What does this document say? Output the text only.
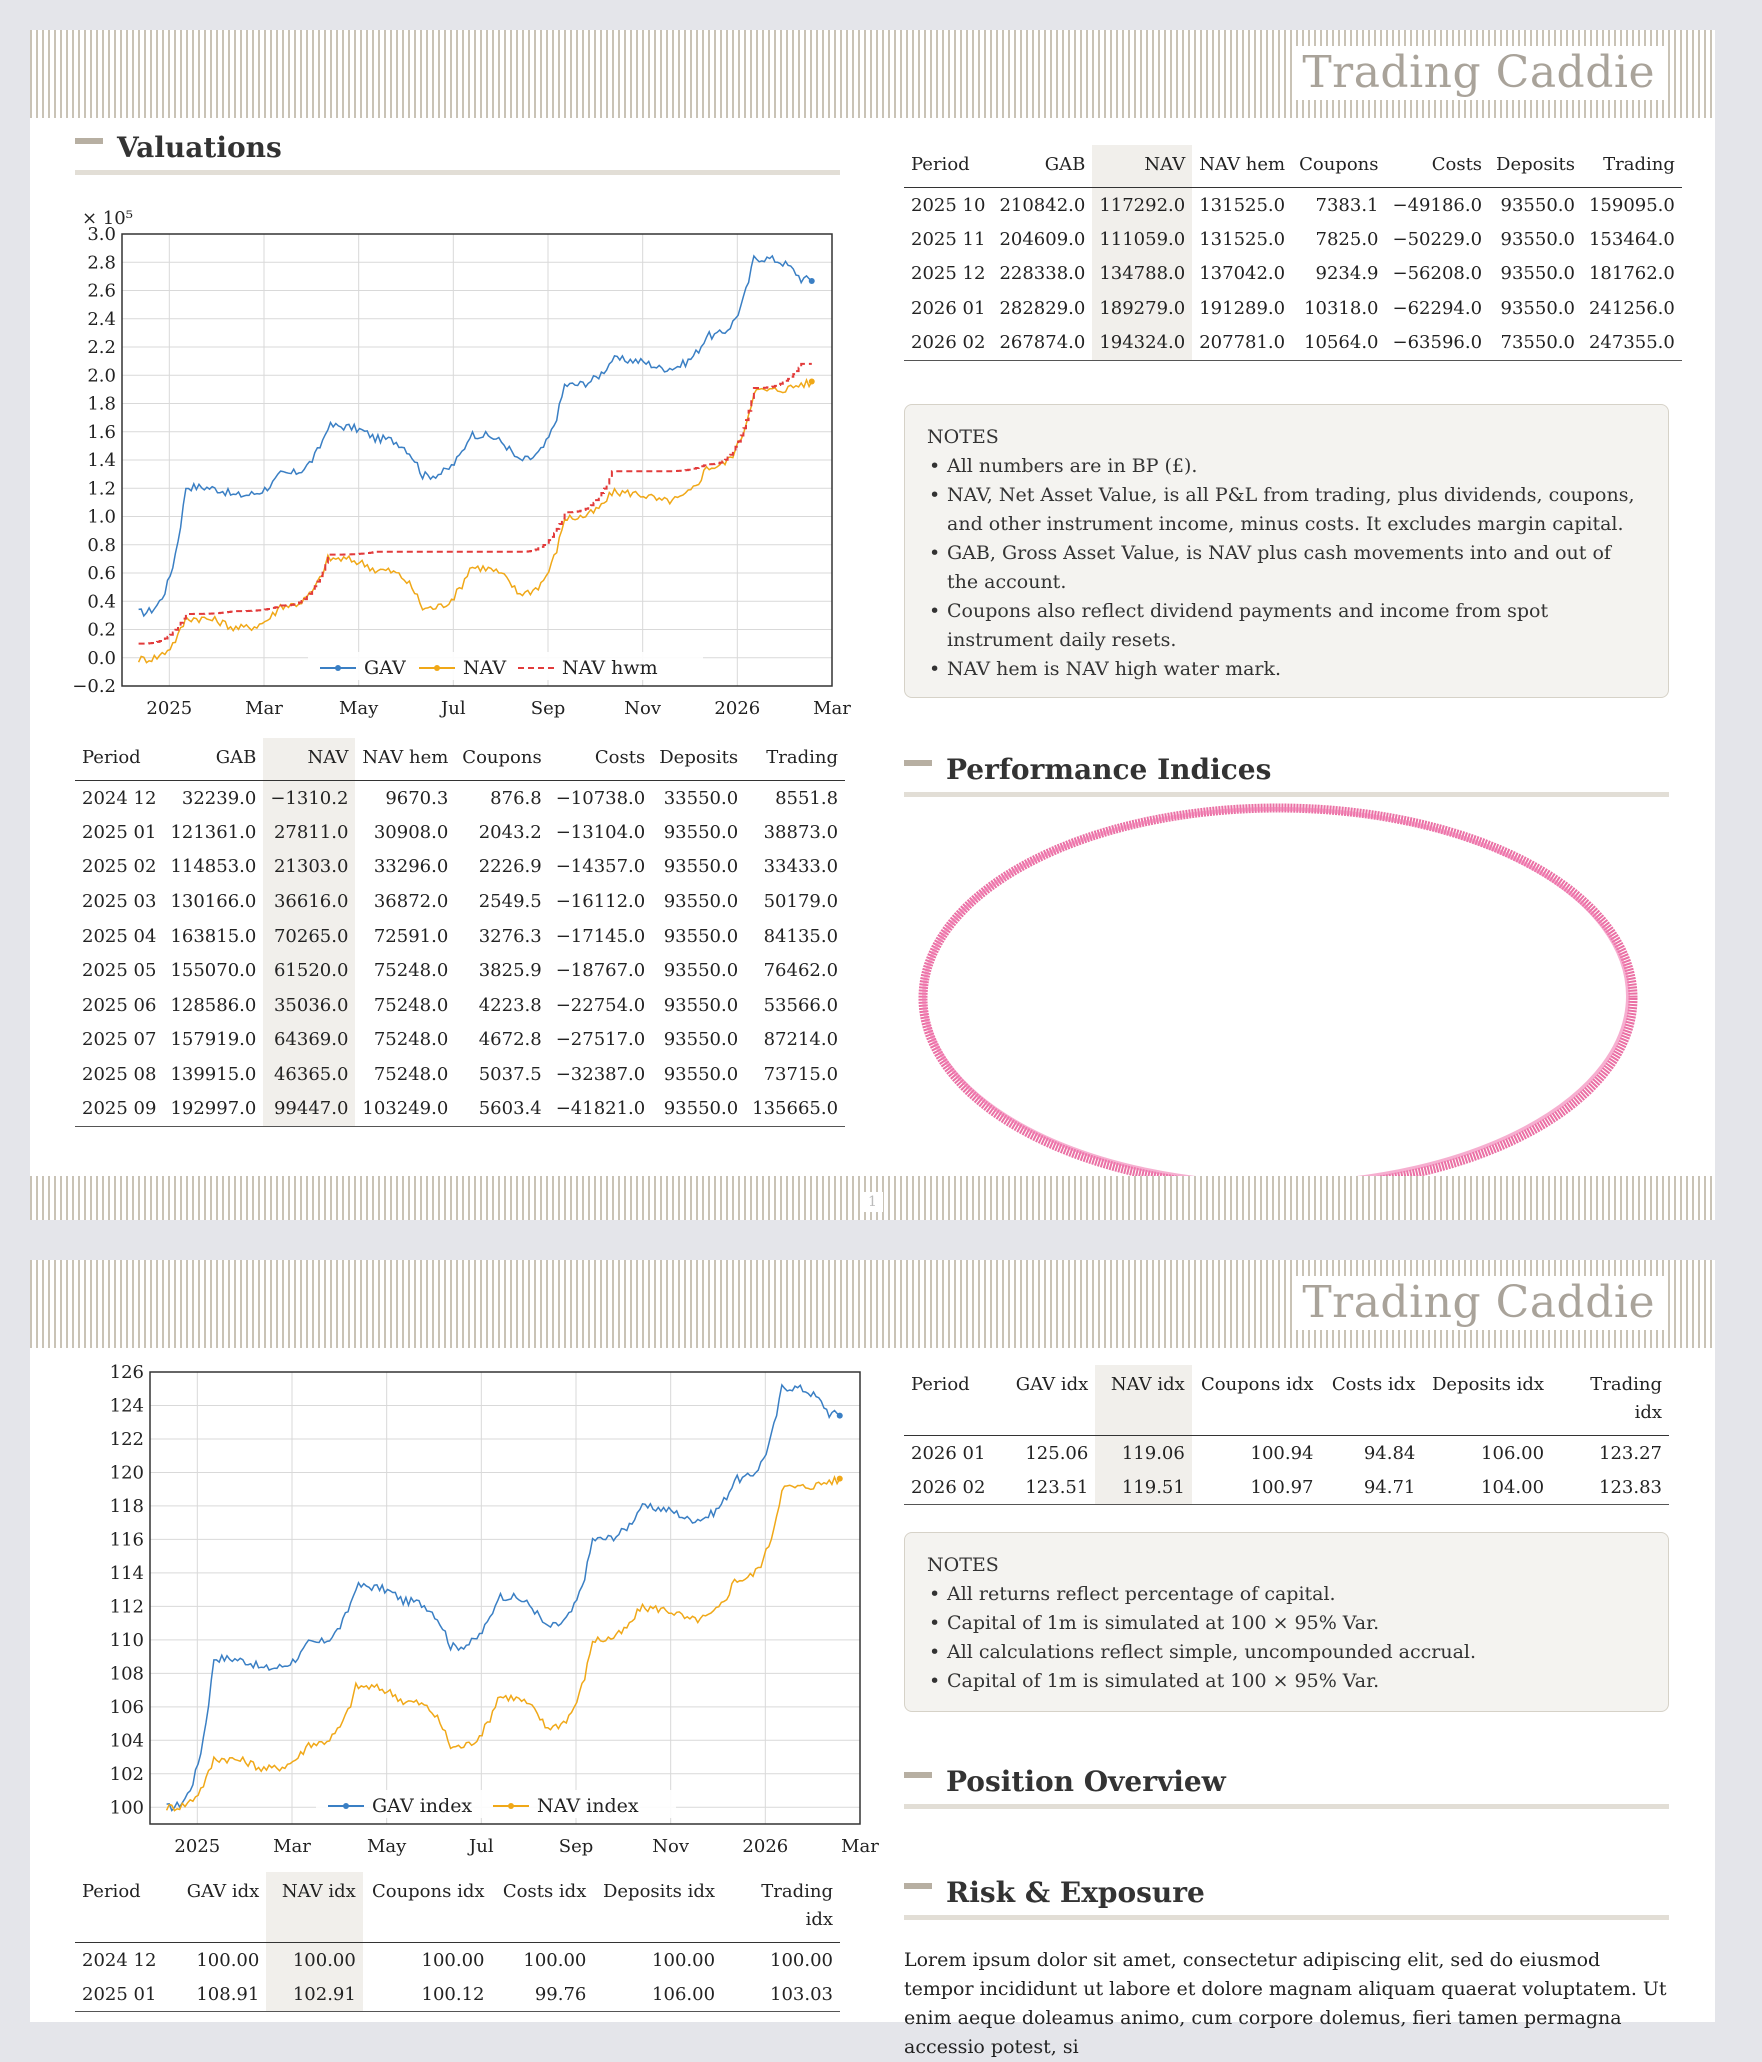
Trading Caddie
Valuations
−0.2
0.0
0.2
0.4
0.6
0.8
1.0
1.2
1.4
1.6
1.8
2.0
2.2
2.4
2.6
2.8
3.0
2025	Mar	May	Jul	Sep	Nov	2026	Mar
× 10⁵
GAV	NAV	NAV hwm
Period	GAB	NAV	NAV hem	Coupons	Costs	Deposits	Trading
2024 12	32239.0	−1310.2	9670.3	876.8	−10738.0	33550.0	8551.8
2025 01	121361.0	27811.0	30908.0	2043.2	−13104.0	93550.0	38873.0
2025 02	114853.0	21303.0	33296.0	2226.9	−14357.0	93550.0	33433.0
2025 03	130166.0	36616.0	36872.0	2549.5	−16112.0	93550.0	50179.0
2025 04	163815.0	70265.0	72591.0	3276.3	−17145.0	93550.0	84135.0
2025 05	155070.0	61520.0	75248.0	3825.9	−18767.0	93550.0	76462.0
2025 06	128586.0	35036.0	75248.0	4223.8	−22754.0	93550.0	53566.0
2025 07	157919.0	64369.0	75248.0	4672.8	−27517.0	93550.0	87214.0
2025 08	139915.0	46365.0	75248.0	5037.5	−32387.0	93550.0	73715.0
2025 09	192997.0	99447.0	103249.0	5603.4	−41821.0	93550.0	135665.0
Period	GAB	NAV	NAV hem	Coupons	Costs	Deposits	Trading
2025 10	210842.0	117292.0	131525.0	7383.1	−49186.0	93550.0	159095.0
2025 11	204609.0	111059.0	131525.0	7825.0	−50229.0	93550.0	153464.0
2025 12	228338.0	134788.0	137042.0	9234.9	−56208.0	93550.0	181762.0
2026 01	282829.0	189279.0	191289.0	10318.0	−62294.0	93550.0	241256.0
2026 02	267874.0	194324.0	207781.0	10564.0	−63596.0	73550.0	247355.0
NOTES
• All numbers are in BP (£).
• NAV, Net Asset Value, is all P&L from trading, plus dividends, coupons, and other instrument income, minus costs. It excludes margin capital.
• GAB, Gross Asset Value, is NAV plus cash movements into and out of the account.
• Coupons also reflect dividend payments and income from spot instrument daily resets.
• NAV hem is NAV high water mark.
Performance Indices
1
Trading Caddie
100
102
104
106
108
110
112
114
116
118
120
122
124
126
2025	Mar	May	Jul	Sep	Nov	2026	Mar
GAV index	NAV index
Period	GAV idx	NAV idx	Coupons idx	Costs idx	Deposits idx	Trading idx
2024 12	100.00	100.00	100.00	100.00	100.00	100.00
2025 01	108.91	102.91	100.12	99.76	106.00	103.03
Period	GAV idx	NAV idx	Coupons idx	Costs idx	Deposits idx	Trading idx
2026 01	125.06	119.06	100.94	94.84	106.00	123.27
2026 02	123.51	119.51	100.97	94.71	104.00	123.83
NOTES
• All returns reflect percentage of capital.
• Capital of 1m is simulated at 100 × 95% Var.
• All calculations reflect simple, uncompounded accrual.
• Capital of 1m is simulated at 100 × 95% Var.
Position Overview
Risk & Exposure
Lorem ipsum dolor sit amet, consectetur adipiscing elit, sed do eiusmod tempor incididunt ut labore et dolore magnam aliquam quaerat voluptatem. Ut enim aeque doleamus animo, cum corpore dolemus, fieri tamen permagna accessio potest, si
